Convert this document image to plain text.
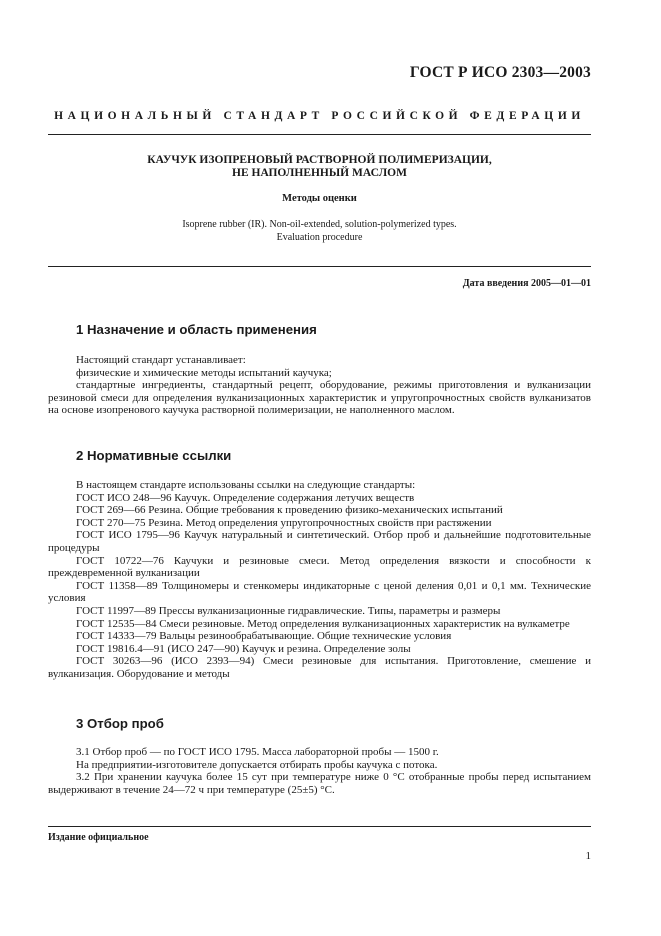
ГОСТ Р ИСО 2303—2003
НАЦИОНАЛЬНЫЙ СТАНДАРТ РОССИЙСКОЙ ФЕДЕРАЦИИ
КАУЧУК ИЗОПРЕНОВЫЙ РАСТВОРНОЙ ПОЛИМЕРИЗАЦИИ,
НЕ НАПОЛНЕННЫЙ МАСЛОМ
Методы оценки
Isoprene rubber (IR). Non-oil-extended, solution-polymerized types.
Evaluation procedure
Дата введения 2005—01—01
1 Назначение и область применения

Настоящий стандарт устанавливает:

физические и химические методы испытаний каучука;

стандартные ингредиенты, стандартный рецепт, оборудование, режимы приготовления и вулканизации резиновой смеси для определения вулканизационных характеристик и упругопрочностных свойств вулканизатов на основе изопренового каучука растворной полимеризации, не наполненного маслом.

2 Нормативные ссылки

В настоящем стандарте использованы ссылки на следующие стандарты:

ГОСТ ИСО 248—96 Каучук. Определение содержания летучих веществ

ГОСТ 269—66 Резина. Общие требования к проведению физико-механических испытаний

ГОСТ 270—75 Резина. Метод определения упругопрочностных свойств при растяжении

ГОСТ ИСО 1795—96 Каучук натуральный и синтетический. Отбор проб и дальнейшие подготовительные процедуры

ГОСТ 10722—76 Каучуки и резиновые смеси. Метод определения вязкости и способности к преждевременной вулканизации

ГОСТ 11358—89 Толщиномеры и стенкомеры индикаторные с ценой деления 0,01 и 0,1 мм. Технические условия

ГОСТ 11997—89 Прессы вулканизационные гидравлические. Типы, параметры и размеры

ГОСТ 12535—84 Смеси резиновые. Метод определения вулканизационных характеристик на вулкаметре

ГОСТ 14333—79 Вальцы резинообрабатывающие. Общие технические условия

ГОСТ 19816.4—91 (ИСО 247—90) Каучук и резина. Определение золы

ГОСТ 30263—96 (ИСО 2393—94) Смеси резиновые для испытания. Приготовление, смешение и вулканизация. Оборудование и методы

3 Отбор проб

3.1 Отбор проб — по ГОСТ ИСО 1795. Масса лабораторной пробы — 1500 г.

На предприятии-изготовителе допускается отбирать пробы каучука с потока.

3.2 При хранении каучука более 15 сут при температуре ниже 0 °С отобранные пробы перед испытанием выдерживают в течение 24—72 ч при температуре (25±5) °С.

Издание официальное
1
